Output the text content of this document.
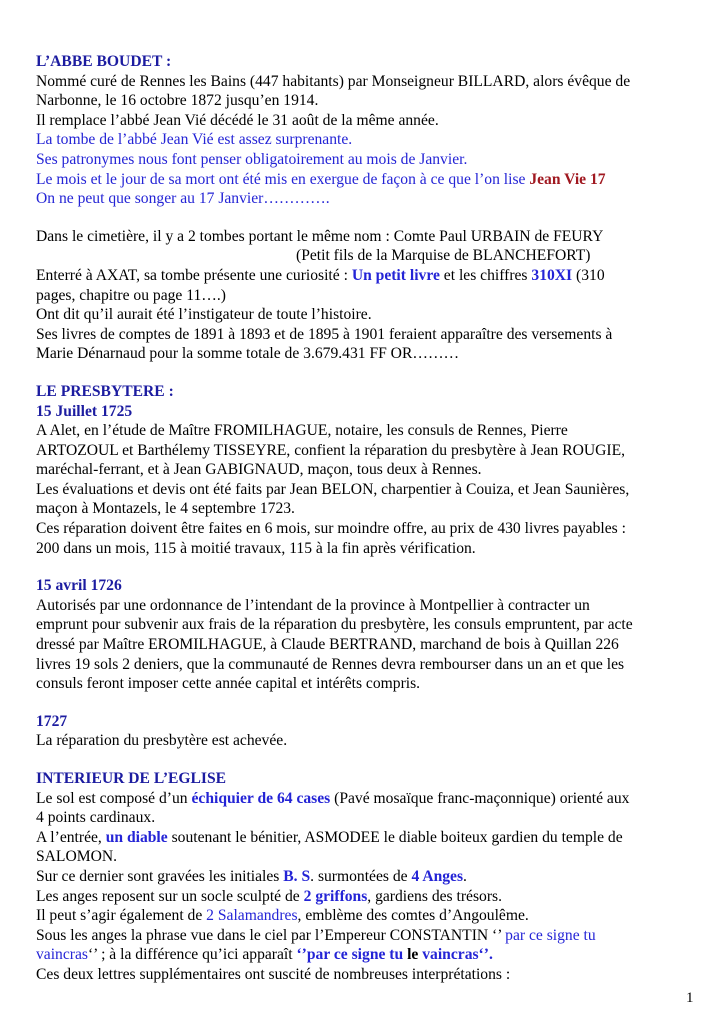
L’ABBE BOUDET :

Nommé curé de Rennes les Bains (447 habitants) par Monseigneur BILLARD, alors évêque de

Narbonne, le 16 octobre 1872 jusqu’en 1914.

Il remplace l’abbé Jean Vié décédé le 31 août de la même année.

La tombe de l’abbé Jean Vié est assez surprenante.

Ses patronymes nous font penser obligatoirement au mois de Janvier.

Le mois et le jour de sa mort ont été mis en exergue de façon à ce que l’on lise Jean Vie 17

On ne peut que songer au 17 Janvier………….

Dans le cimetière, il y a 2 tombes portant le même nom : Comte Paul URBAIN de FEURY

(Petit fils de la Marquise de BLANCHEFORT)

Enterré à AXAT, sa tombe présente une curiosité : Un petit livre et les chiffres 310XI (310

pages, chapitre ou page 11….)

Ont dit qu’il aurait été l’instigateur de toute l’histoire.

Ses livres de comptes de 1891 à 1893 et de 1895 à 1901 feraient apparaître des versements à

Marie Dénarnaud pour la somme totale de 3.679.431 FF OR………

LE PRESBYTERE :

15 Juillet 1725

A Alet, en l’étude de Maître FROMILHAGUE, notaire, les consuls de Rennes, Pierre

ARTOZOUL et Barthélemy TISSEYRE, confient la réparation du presbytère à Jean ROUGIE,

maréchal-ferrant, et à Jean GABIGNAUD, maçon, tous deux à Rennes.

Les évaluations et devis ont été faits par Jean BELON, charpentier à Couiza, et Jean Saunières,

maçon à Montazels, le 4 septembre 1723.

Ces réparation doivent être faites en 6 mois, sur moindre offre, au prix de 430 livres payables :

200 dans un mois, 115 à moitié travaux, 115 à la fin après vérification.

15 avril 1726

Autorisés par une ordonnance de l’intendant de la province à Montpellier à contracter un

emprunt pour subvenir aux frais de la réparation du presbytère, les consuls empruntent, par acte

dressé par Maître EROMILHAGUE, à Claude BERTRAND, marchand de bois à Quillan 226

livres 19 sols 2 deniers, que la communauté de Rennes devra rembourser dans un an et que les

consuls feront imposer cette année capital et intérêts compris.

1727

La réparation du presbytère est achevée.

INTERIEUR DE L’EGLISE

Le sol est composé d’un échiquier de 64 cases (Pavé mosaïque franc-maçonnique) orienté aux

4 points cardinaux.

A l’entrée, un diable soutenant le bénitier, ASMODEE le diable boiteux gardien du temple de

SALOMON.

Sur ce dernier sont gravées les initiales B. S. surmontées de 4 Anges.

Les anges reposent sur un socle sculpté de 2 griffons, gardiens des trésors.

Il peut s’agir également de 2 Salamandres, emblème des comtes d’Angoulême.

Sous les anges la phrase vue dans le ciel par l’Empereur CONSTANTIN ‘’ par ce signe tu

vaincras‘’ ; à la différence qu’ici apparaît ‘’par ce signe tu le vaincras‘’.

Ces deux lettres supplémentaires ont suscité de nombreuses interprétations :

1
